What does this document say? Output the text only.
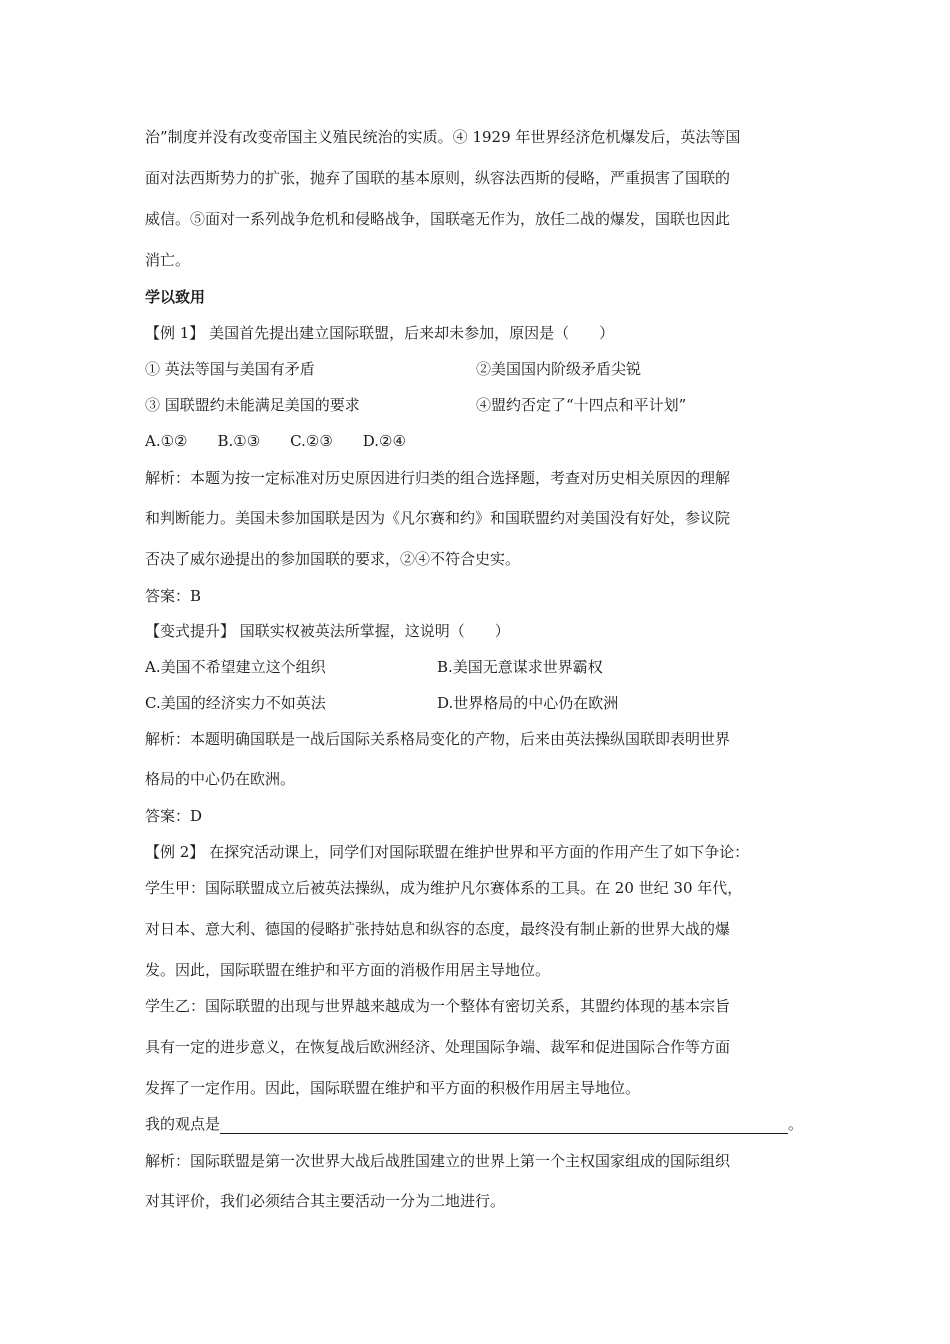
治”制度并没有改变帝国主义殖民统治的实质。④ 1929 年世界经济危机爆发后，英法等国
面对法西斯势力的扩张，抛弃了国联的基本原则，纵容法西斯的侵略，严重损害了国联的
威信。⑤面对一系列战争危机和侵略战争，国联毫无作为，放任二战的爆发，国联也因此
消亡。
学以致用
【例 1】 美国首先提出建立国际联盟，后来却未参加，原因是（　　）
① 英法等国与美国有矛盾	②美国国内阶级矛盾尖锐
③ 国联盟约未能满足美国的要求	④盟约否定了“十四点和平计划”
A.①②　　B.①③　　C.②③　　D.②④
解析：本题为按一定标准对历史原因进行归类的组合选择题，考查对历史相关原因的理解
和判断能力。美国未参加国联是因为《凡尔赛和约》和国联盟约对美国没有好处，参议院
否决了威尔逊提出的参加国联的要求，②④不符合史实。
答案：B
【变式提升】 国联实权被英法所掌握，这说明（　　）
A.美国不希望建立这个组织	B.美国无意谋求世界霸权
C.美国的经济实力不如英法	D.世界格局的中心仍在欧洲
解析：本题明确国联是一战后国际关系格局变化的产物，后来由英法操纵国联即表明世界
格局的中心仍在欧洲。
答案：D
【例 2】 在探究活动课上，同学们对国际联盟在维护世界和平方面的作用产生了如下争论：
学生甲：国际联盟成立后被英法操纵，成为维护凡尔赛体系的工具。在 20 世纪 30 年代，
对日本、意大利、德国的侵略扩张持姑息和纵容的态度，最终没有制止新的世界大战的爆
发。因此，国际联盟在维护和平方面的消极作用居主导地位。
学生乙：国际联盟的出现与世界越来越成为一个整体有密切关系，其盟约体现的基本宗旨
具有一定的进步意义，在恢复战后欧洲经济、处理国际争端、裁军和促进国际合作等方面
发挥了一定作用。因此，国际联盟在维护和平方面的积极作用居主导地位。
我的观点是	。
解析：国际联盟是第一次世界大战后战胜国建立的世界上第一个主权国家组成的国际组织
对其评价，我们必须结合其主要活动一分为二地进行。
